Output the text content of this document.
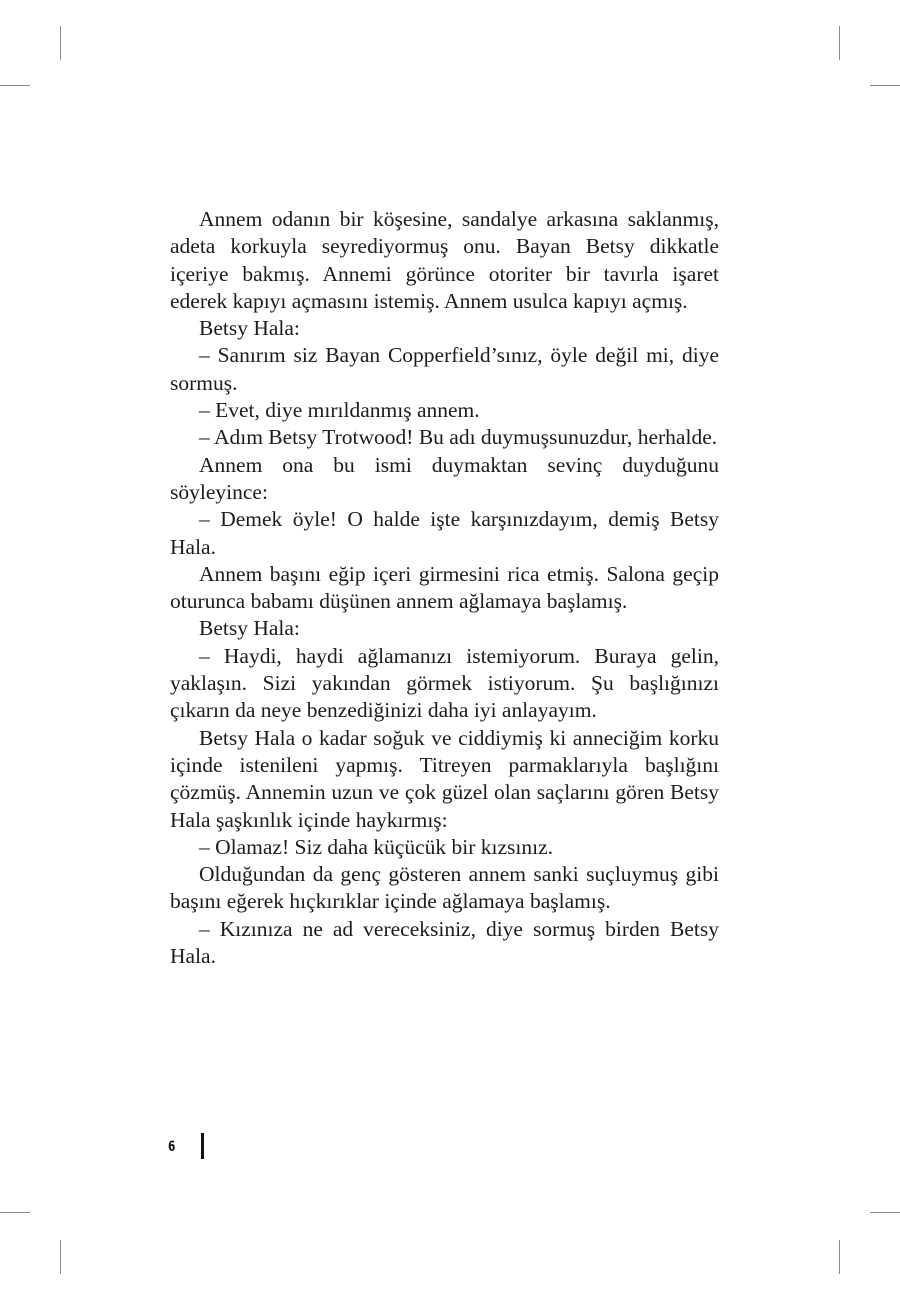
Annem odanın bir köşesine, sandalye arkasına saklanmış, adeta korkuyla seyrediyormuş onu. Bayan Betsy dikkatle içeriye bakmış. Annemi görünce otoriter bir tavırla işaret ederek kapıyı açmasını istemiş. Annem usulca kapıyı açmış.

Betsy Hala:

– Sanırım siz Bayan Copperfield’sınız, öyle değil mi, diye sormuş.

– Evet, diye mırıldanmış annem.

– Adım Betsy Trotwood! Bu adı duymuşsunuzdur, herhalde.

Annem ona bu ismi duymaktan sevinç duyduğunu söyleyince:

– Demek öyle! O halde işte karşınızdayım, demiş Betsy Hala.

Annem başını eğip içeri girmesini rica etmiş. Salona geçip oturunca babamı düşünen annem ağlamaya başlamış.

Betsy Hala:

– Haydi, haydi ağlamanızı istemiyorum. Buraya gelin, yaklaşın. Sizi yakından görmek istiyorum. Şu başlığınızı çıkarın da neye benzediğinizi daha iyi anlayayım.

Betsy Hala o kadar soğuk ve ciddiymiş ki anneciğim korku içinde istenileni yapmış. Titreyen parmaklarıyla başlığını çözmüş. Annemin uzun ve çok güzel olan saçlarını gören Betsy Hala şaşkınlık içinde haykırmış:

– Olamaz! Siz daha küçücük bir kızsınız.

Olduğundan da genç gösteren annem sanki suçluymuş gibi başını eğerek hıçkırıklar içinde ağlamaya başlamış.

– Kızınıza ne ad vereceksiniz, diye sormuş birden Betsy Hala.

6
